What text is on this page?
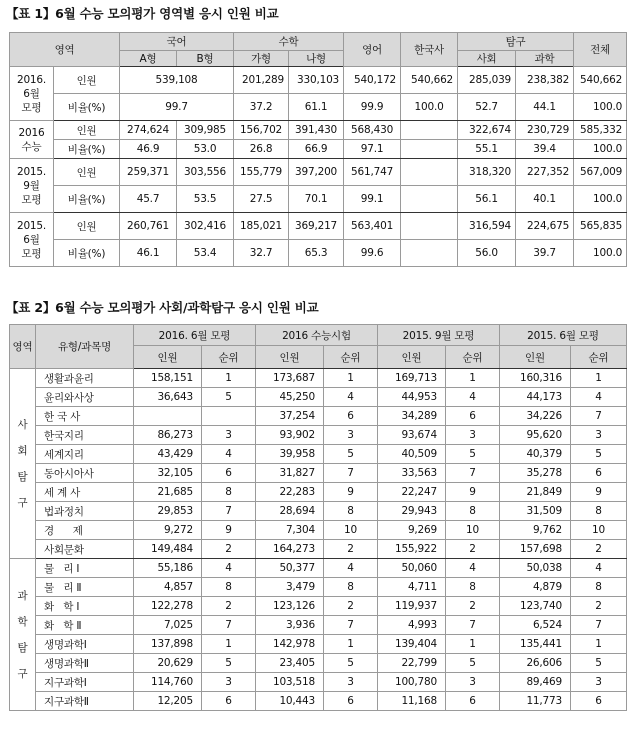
【표 1】6월 수능 모의평가 영역별 응시 인원 비교
영역		국어		수학		영어	한국사	탐구		전체
		A형	B형	가형	나형			사회	과학	

2016.
6월
모평	인원	539,108		201,289	330,103	540,172	540,662	285,039	238,382	540,662
	비율(%)	99.7		37.2	61.1	99.9	100.0	52.7	44.1	100.0

2016
수능	인원	274,624	309,985	156,702	391,430	568,430		322,674	230,729	585,332
	비율(%)	46.9	53.0	26.8	66.9	97.1		55.1	39.4	100.0

2015.
9월
모평	인원	259,371	303,556	155,779	397,200	561,747		318,320	227,352	567,009
	비율(%)	45.7	53.5	27.5	70.1	99.1		56.1	40.1	100.0

2015.
6월
모평	인원	260,761	302,416	185,021	369,217	563,401		316,594	224,675	565,835
	비율(%)	46.1	53.4	32.7	65.3	99.6		56.0	39.7	100.0
【표 2】6월 수능 모의평가 사회/과학탐구 응시 인원 비교
영역	유형/과목명	2016. 6월 모평		2016 수능시험		2015. 9월 모평		2015. 6월 모평	
		인원	순위	인원	순위	인원	순위	인원	순위

사
회
탐
구	생활과윤리	158,151	1	173,687	1	169,713	1	160,316	1
	윤리와사상	36,643	5	45,250	4	44,953	4	44,173	4
	한 국 사			37,254	6	34,289	6	34,226	7
	한국지리	86,273	3	93,902	3	93,674	3	95,620	3
	세계지리	43,429	4	39,958	5	40,509	5	40,379	5
	동아시아사	32,105	6	31,827	7	33,563	7	35,278	6
	세 계 사	21,685	8	22,283	9	22,247	9	21,849	9
	법과정치	29,853	7	28,694	8	29,943	8	31,509	8
	경      제	9,272	9	7,304	10	9,269	10	9,762	10
	사회문화	149,484	2	164,273	2	155,922	2	157,698	2

과
학
탐
구	물   리 Ⅰ	55,186	4	50,377	4	50,060	4	50,038	4
	물   리 Ⅱ	4,857	8	3,479	8	4,711	8	4,879	8
	화   학 Ⅰ	122,278	2	123,126	2	119,937	2	123,740	2
	화   학 Ⅱ	7,025	7	3,936	7	4,993	7	6,524	7
	생명과학Ⅰ	137,898	1	142,978	1	139,404	1	135,441	1
	생명과학Ⅱ	20,629	5	23,405	5	22,799	5	26,606	5
	지구과학Ⅰ	114,760	3	103,518	3	100,780	3	89,469	3
	지구과학Ⅱ	12,205	6	10,443	6	11,168	6	11,773	6
